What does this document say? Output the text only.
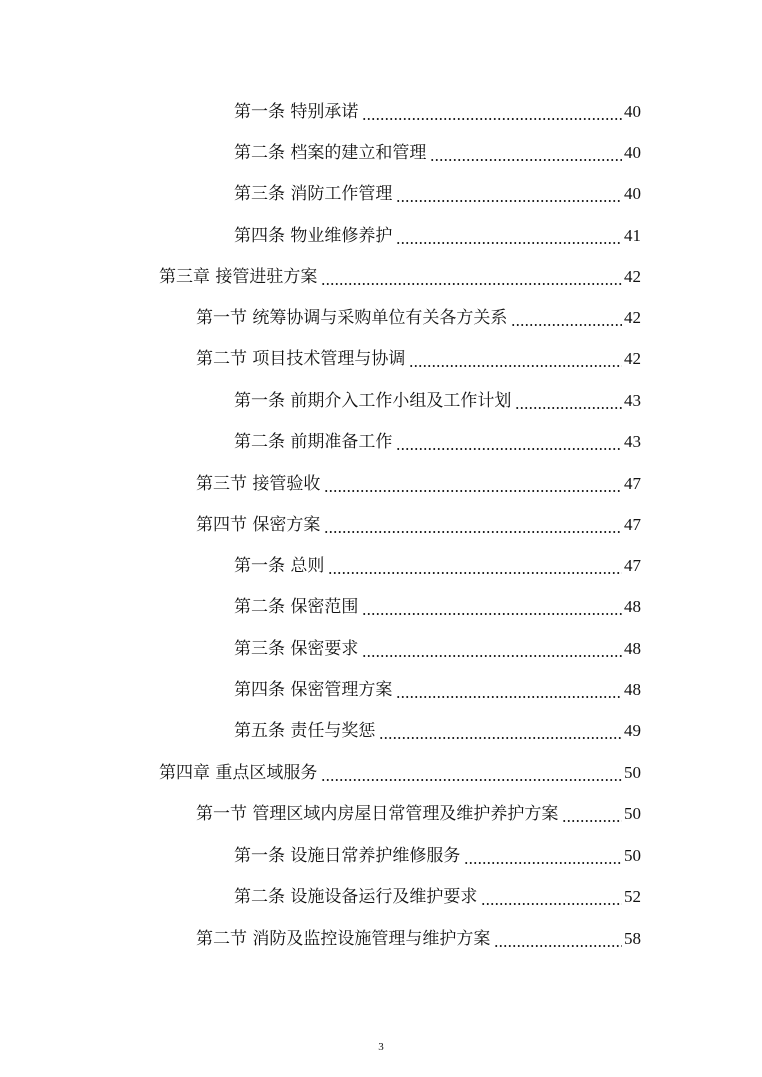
第一条 特别承诺	40
第二条 档案的建立和管理	40
第三条 消防工作管理	40
第四条 物业维修养护	41
第三章 接管进驻方案	42
第一节 统筹协调与采购单位有关各方关系	42
第二节 项目技术管理与协调	42
第一条 前期介入工作小组及工作计划	43
第二条 前期准备工作	43
第三节 接管验收	47
第四节 保密方案	47
第一条 总则	47
第二条 保密范围	48
第三条 保密要求	48
第四条 保密管理方案	48
第五条 责任与奖惩	49
第四章 重点区域服务	50
第一节 管理区域内房屋日常管理及维护养护方案	50
第一条 设施日常养护维修服务	50
第二条 设施设备运行及维护要求	52
第二节 消防及监控设施管理与维护方案	58
3
